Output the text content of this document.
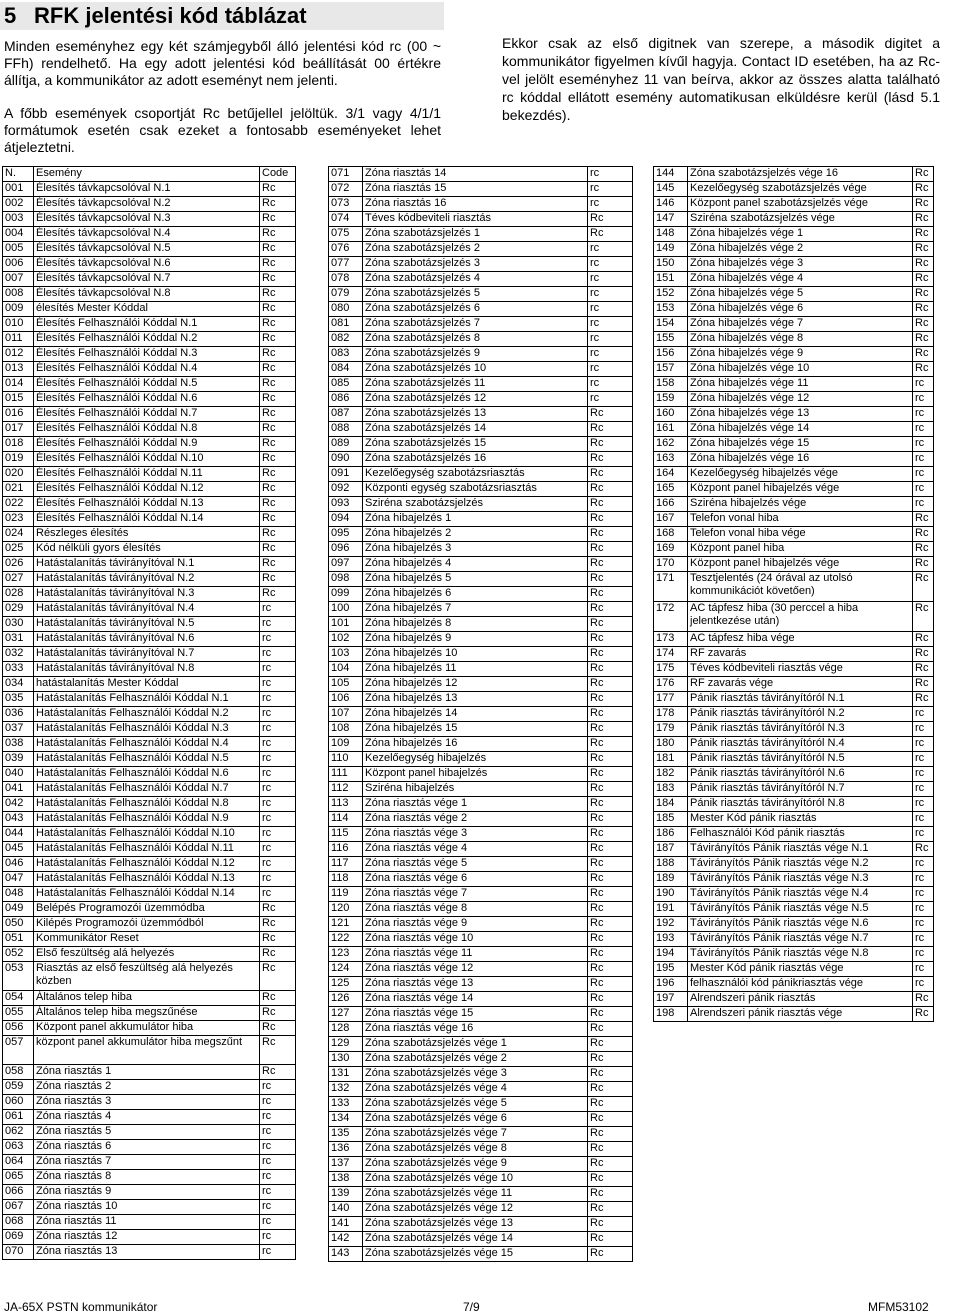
5 RFK jelentési kód táblázat

Minden eseményhez egy két számjegyből álló jelentési kód rc (00 ~ FFh) rendelhető. Ha egy adott jelentési kód beállítását 00 értékre állítja, a kommunikátor az adott eseményt nem jelenti.

A főbb események csoportját Rc betűjellel jelöltük. 3/1 vagy 4/1/1 formátumok esetén csak ezeket a fontosabb eseményeket lehet átjeleztetni.

Ekkor csak az első digitnek van szerepe, a második digitet a kommunikátor figyelmen kívűl hagyja. Contact ID esetében, ha az Rc-vel jelölt eseményhez 11 van beírva, akkor az összes alatta található rc kóddal ellátott esemény automatikusan elküldésre kerül (lásd 5.1 bekezdés).
N.	Esemény	Code
001	Élesítés távkapcsolóval N.1	Rc
002	Élesítés távkapcsolóval N.2	Rc
003	Élesítés távkapcsolóval N.3	Rc
004	Élesítés távkapcsolóval N.4	Rc
005	Élesítés távkapcsolóval N.5	Rc
006	Élesítés távkapcsolóval N.6	Rc
007	Élesítés távkapcsolóval N.7	Rc
008	Élesítés távkapcsolóval N.8	Rc
009	élesítés Mester Kóddal	Rc
010	Élesítés Felhasználói Kóddal N.1	Rc
011	Élesítés Felhasználói Kóddal N.2	Rc
012	Élesítés Felhasználói Kóddal N.3	Rc
013	Élesítés Felhasználói Kóddal N.4	Rc
014	Élesítés Felhasználói Kóddal N.5	Rc
015	Élesítés Felhasználói Kóddal N.6	Rc
016	Élesítés Felhasználói Kóddal N.7	Rc
017	Élesítés Felhasználói Kóddal N.8	Rc
018	Élesítés Felhasználói Kóddal N.9	Rc
019	Élesítés Felhasználói Kóddal N.10	Rc
020	Élesítés Felhasználói Kóddal N.11	Rc
021	Élesítés Felhasználói Kóddal N.12	Rc
022	Élesítés Felhasználói Kóddal N.13	Rc
023	Élesítés Felhasználói Kóddal N.14	Rc
024	Részleges élesítés	Rc
025	Kód nélküli gyors élesítés	Rc
026	Hatástalanítás távirányítóval N.1	Rc
027	Hatástalanítás távirányítóval N.2	Rc
028	Hatástalanítás távirányítóval N.3	Rc
029	Hatástalanítás távirányítóval N.4	rc
030	Hatástalanítás távirányítóval N.5	rc
031	Hatástalanítás távirányítóval N.6	rc
032	Hatástalanítás távirányítóval N.7	rc
033	Hatástalanítás távirányítóval N.8	rc
034	hatástalanítás Mester Kóddal	rc
035	Hatástalanítás Felhasználói Kóddal N.1	rc
036	Hatástalanítás Felhasználói Kóddal N.2	rc
037	Hatástalanítás Felhasználói Kóddal N.3	rc
038	Hatástalanítás Felhasználói Kóddal N.4	rc
039	Hatástalanítás Felhasználói Kóddal N.5	rc
040	Hatástalanítás Felhasználói Kóddal N.6	rc
041	Hatástalanítás Felhasználói Kóddal N.7	rc
042	Hatástalanítás Felhasználói Kóddal N.8	rc
043	Hatástalanítás Felhasználói Kóddal N.9	rc
044	Hatástalanítás Felhasználói Kóddal N.10	rc
045	Hatástalanítás Felhasználói Kóddal N.11	rc
046	Hatástalanítás Felhasználói Kóddal N.12	rc
047	Hatástalanítás Felhasználói Kóddal N.13	rc
048	Hatástalanítás Felhasználói Kóddal N.14	rc
049	Belépés Programozói üzemmódba	Rc
050	Kilépés Programozói üzemmódból	Rc
051	Kommunikátor Reset	Rc
052	Első feszültség alá helyezés	Rc
053	Riasztás az első feszültség alá helyezés közben	Rc
054	Általános telep hiba	Rc
055	Általános telep hiba megszűnése	Rc
056	Központ panel akkumulátor hiba	Rc
057	központ panel akkumulátor hiba megszűnt	Rc
058	Zóna riasztás 1	Rc
059	Zóna riasztás 2	rc
060	Zóna riasztás 3	rc
061	Zóna riasztás 4	rc
062	Zóna riasztás 5	rc
063	Zóna riasztás 6	rc
064	Zóna riasztás 7	rc
065	Zóna riasztás 8	rc
066	Zóna riasztás 9	rc
067	Zóna riasztás 10	rc
068	Zóna riasztás 11	rc
069	Zóna riasztás 12	rc
070	Zóna riasztás 13	rc
071	Zóna riasztás 14	rc
072	Zóna riasztás 15	rc
073	Zóna riasztás 16	rc
074	Téves kódbeviteli riasztás	Rc
075	Zóna szabotázsjelzés 1	Rc
076	Zóna szabotázsjelzés 2	rc
077	Zóna szabotázsjelzés 3	rc
078	Zóna szabotázsjelzés 4	rc
079	Zóna szabotázsjelzés 5	rc
080	Zóna szabotázsjelzés 6	rc
081	Zóna szabotázsjelzés 7	rc
082	Zóna szabotázsjelzés 8	rc
083	Zóna szabotázsjelzés 9	rc
084	Zóna szabotázsjelzés 10	rc
085	Zóna szabotázsjelzés 11	rc
086	Zóna szabotázsjelzés 12	rc
087	Zóna szabotázsjelzés 13	Rc
088	Zóna szabotázsjelzés 14	Rc
089	Zóna szabotázsjelzés 15	Rc
090	Zóna szabotázsjelzés 16	Rc
091	Kezelőegység szabotázsriasztás	Rc
092	Központi egység szabotázsriasztás	Rc
093	Sziréna szabotázsjelzés	Rc
094	Zóna hibajelzés 1	Rc
095	Zóna hibajelzés 2	Rc
096	Zóna hibajelzés 3	Rc
097	Zóna hibajelzés 4	Rc
098	Zóna hibajelzés 5	Rc
099	Zóna hibajelzés 6	Rc
100	Zóna hibajelzés 7	Rc
101	Zóna hibajelzés 8	Rc
102	Zóna hibajelzés 9	Rc
103	Zóna hibajelzés 10	Rc
104	Zóna hibajelzés 11	Rc
105	Zóna hibajelzés 12	Rc
106	Zóna hibajelzés 13	Rc
107	Zóna hibajelzés 14	Rc
108	Zóna hibajelzés 15	Rc
109	Zóna hibajelzés 16	Rc
110	Kezelőegység hibajelzés	Rc
111	Központ panel hibajelzés	Rc
112	Sziréna hibajelzés	Rc
113	Zóna riasztás vége 1	Rc
114	Zóna riasztás vége 2	Rc
115	Zóna riasztás vége 3	Rc
116	Zóna riasztás vége 4	Rc
117	Zóna riasztás vége 5	Rc
118	Zóna riasztás vége 6	Rc
119	Zóna riasztás vége 7	Rc
120	Zóna riasztás vége 8	Rc
121	Zóna riasztás vége 9	Rc
122	Zóna riasztás vége 10	Rc
123	Zóna riasztás vége 11	Rc
124	Zóna riasztás vége 12	Rc
125	Zóna riasztás vége 13	Rc
126	Zóna riasztás vége 14	Rc
127	Zóna riasztás vége 15	Rc
128	Zóna riasztás vége 16	Rc
129	Zóna szabotázsjelzés vége 1	Rc
130	Zóna szabotázsjelzés vége 2	Rc
131	Zóna szabotázsjelzés vége 3	Rc
132	Zóna szabotázsjelzés vége 4	Rc
133	Zóna szabotázsjelzés vége 5	Rc
134	Zóna szabotázsjelzés vége 6	Rc
135	Zóna szabotázsjelzés vége 7	Rc
136	Zóna szabotázsjelzés vége 8	Rc
137	Zóna szabotázsjelzés vége 9	Rc
138	Zóna szabotázsjelzés vége 10	Rc
139	Zóna szabotázsjelzés vége 11	Rc
140	Zóna szabotázsjelzés vége 12	Rc
141	Zóna szabotázsjelzés vége 13	Rc
142	Zóna szabotázsjelzés vége 14	Rc
143	Zóna szabotázsjelzés vége 15	Rc
144	Zóna szabotázsjelzés vége 16	Rc
145	Kezelőegység szabotázsjelzés vége	Rc
146	Központ panel szabotázsjelzés vége	Rc
147	Sziréna szabotázsjelzés vége	Rc
148	Zóna hibajelzés vége 1	Rc
149	Zóna hibajelzés vége 2	Rc
150	Zóna hibajelzés vége 3	Rc
151	Zóna hibajelzés vége 4	Rc
152	Zóna hibajelzés vége 5	Rc
153	Zóna hibajelzés vége 6	Rc
154	Zóna hibajelzés vége 7	Rc
155	Zóna hibajelzés vége 8	Rc
156	Zóna hibajelzés vége 9	Rc
157	Zóna hibajelzés vége 10	Rc
158	Zóna hibajelzés vége 11	rc
159	Zóna hibajelzés vége 12	rc
160	Zóna hibajelzés vége 13	rc
161	Zóna hibajelzés vége 14	rc
162	Zóna hibajelzés vége 15	rc
163	Zóna hibajelzés vége 16	rc
164	Kezelőegység hibajelzés vége	rc
165	Központ panel hibajelzés vége	rc
166	Sziréna hibajelzés vége	rc
167	Telefon vonal hiba	Rc
168	Telefon vonal hiba vége	Rc
169	Központ panel hiba	Rc
170	Központ panel hibajelzés vége	Rc
171	Tesztjelentés (24 órával az utolsó kommunikációt követően)	Rc
172	AC tápfesz hiba (30 perccel a hiba jelentkezése után)	Rc
173	AC tápfesz hiba vége	Rc
174	RF zavarás	Rc
175	Téves kódbeviteli riasztás vége	Rc
176	RF zavarás vége	Rc
177	Pánik riasztás távirányítóról N.1	Rc
178	Pánik riasztás távirányítóról N.2	rc
179	Pánik riasztás távirányítóról N.3	rc
180	Pánik riasztás távirányítóról N.4	rc
181	Pánik riasztás távirányítóról N.5	rc
182	Pánik riasztás távirányítóról N.6	rc
183	Pánik riasztás távirányítóról N.7	rc
184	Pánik riasztás távirányítóról N.8	rc
185	Mester Kód pánik riasztás	rc
186	Felhasználói Kód pánik riasztás	rc
187	Távirányítós Pánik riasztás vége N.1	Rc
188	Távirányítós Pánik riasztás vége N.2	rc
189	Távirányítós Pánik riasztás vége N.3	rc
190	Távirányítós Pánik riasztás vége N.4	rc
191	Távirányítós Pánik riasztás vége N.5	rc
192	Távirányítós Pánik riasztás vége N.6	rc
193	Távirányítós Pánik riasztás vége N.7	rc
194	Távirányítós Pánik riasztás vége N.8	rc
195	Mester Kód pánik riasztás vége	rc
196	felhasználói kód pánikriasztás vége	rc
197	Alrendszeri pánik riasztás	Rc
198	Alrendszeri pánik riasztás vége	Rc
JA-65X PSTN kommunikátor	7/9	MFM53102
